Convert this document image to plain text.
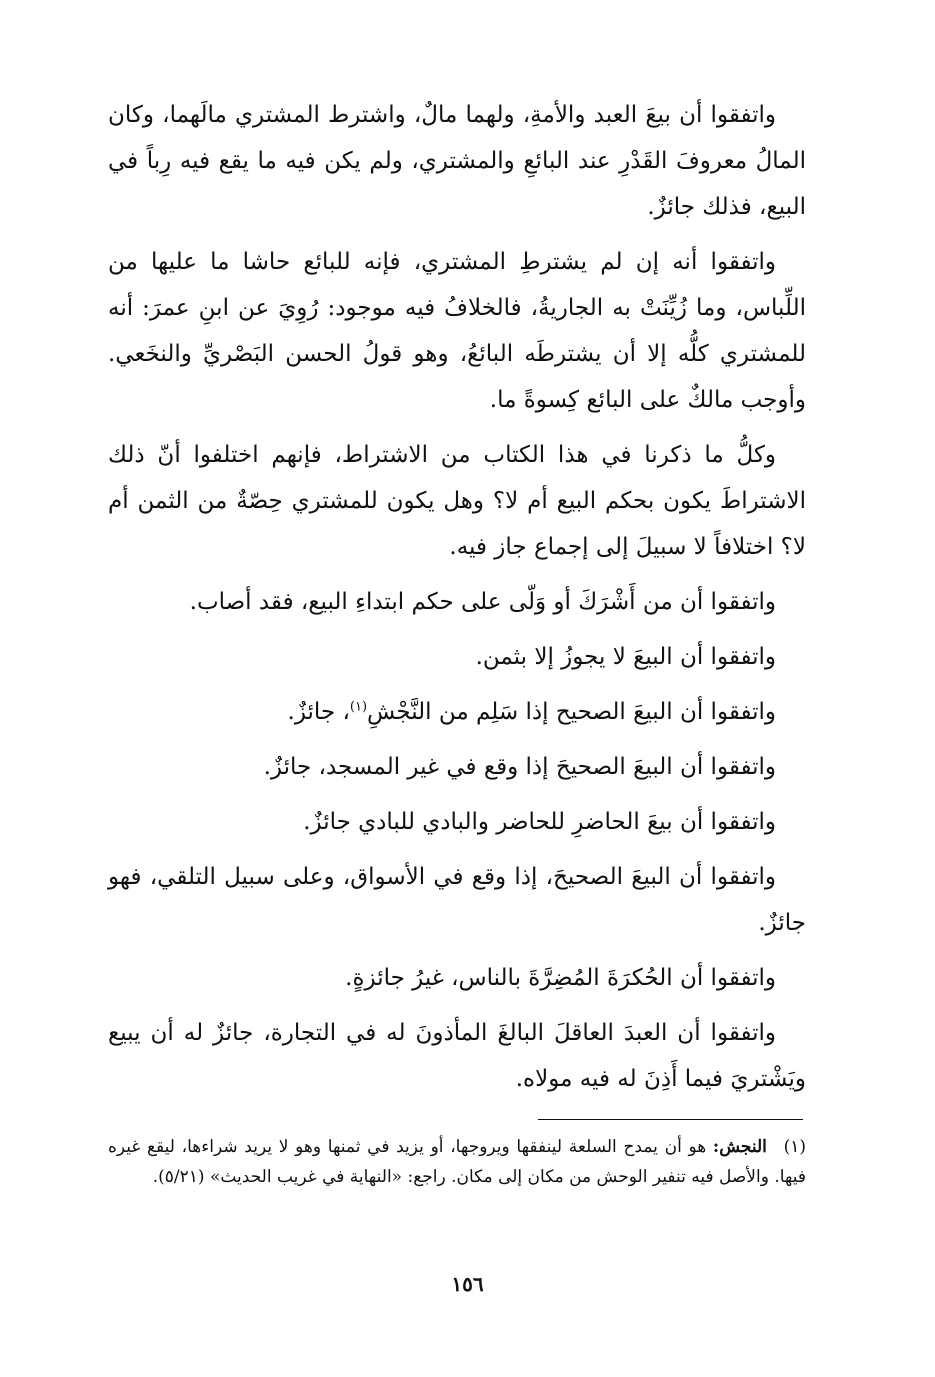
واتفقوا أن بيعَ العبد والأمةِ، ولهما مالٌ، واشترط المشتري مالَهما، وكان المالُ معروفَ القَدْرِ عند البائعِ والمشتري، ولم يكن فيه ما يقع فيه رِباً في البيع، فذلك جائزٌ.

واتفقوا أنه إن لم يشترطِ المشتري، فإنه للبائع حاشا ما عليها من اللِّباس، وما زُيِّنَتْ به الجاريةُ، فالخلافُ فيه موجود: رُوِيَ عن ابنِ عمرَ: أنه للمشتري كلُّه إلا أن يشترطَه البائعُ، وهو قولُ الحسن البَصْريِّ والنخَعي. وأوجب مالكٌ على البائع كِسوةً ما.

وكلُّ ما ذكرنا في هذا الكتاب من الاشتراط، فإنهم اختلفوا أنّ ذلك الاشتراطَ يكون بحكم البيع أم لا؟ وهل يكون للمشتري حِصّةٌ من الثمن أم لا؟ اختلافاً لا سبيلَ إلى إجماع جاز فيه.

واتفقوا أن من أَشْرَكَ أو وَلّى على حكم ابتداءِ البيع، فقد أصاب.

واتفقوا أن البيعَ لا يجوزُ إلا بثمن.

واتفقوا أن البيعَ الصحيح إذا سَلِم من النَّجْشِ$^{(١)}$، جائزٌ.

واتفقوا أن البيعَ الصحيحَ إذا وقع في غير المسجد، جائزٌ.

واتفقوا أن بيعَ الحاضرِ للحاضر والبادي للبادي جائزٌ.

واتفقوا أن البيعَ الصحيحَ، إذا وقع في الأسواق، وعلى سبيل التلقي، فهو جائزٌ.

واتفقوا أن الحُكرَةَ المُضِرَّةَ بالناس، غيرُ جائزةٍ.

واتفقوا أن العبدَ العاقلَ البالغَ المأذونَ له في التجارة، جائزٌ له أن يبيع ويَشْتريَ فيما أَذِنَ له فيه مولاه.

(١) النجش: هو أن يمدح السلعة لينفقها ويروجها، أو يزيد في ثمنها وهو لا يريد شراءها، ليقع غيره فيها. والأصل فيه تنفير الوحش من مكان إلى مكان. راجع: «النهاية في غريب الحديث» (٥/٢١).

١٥٦
